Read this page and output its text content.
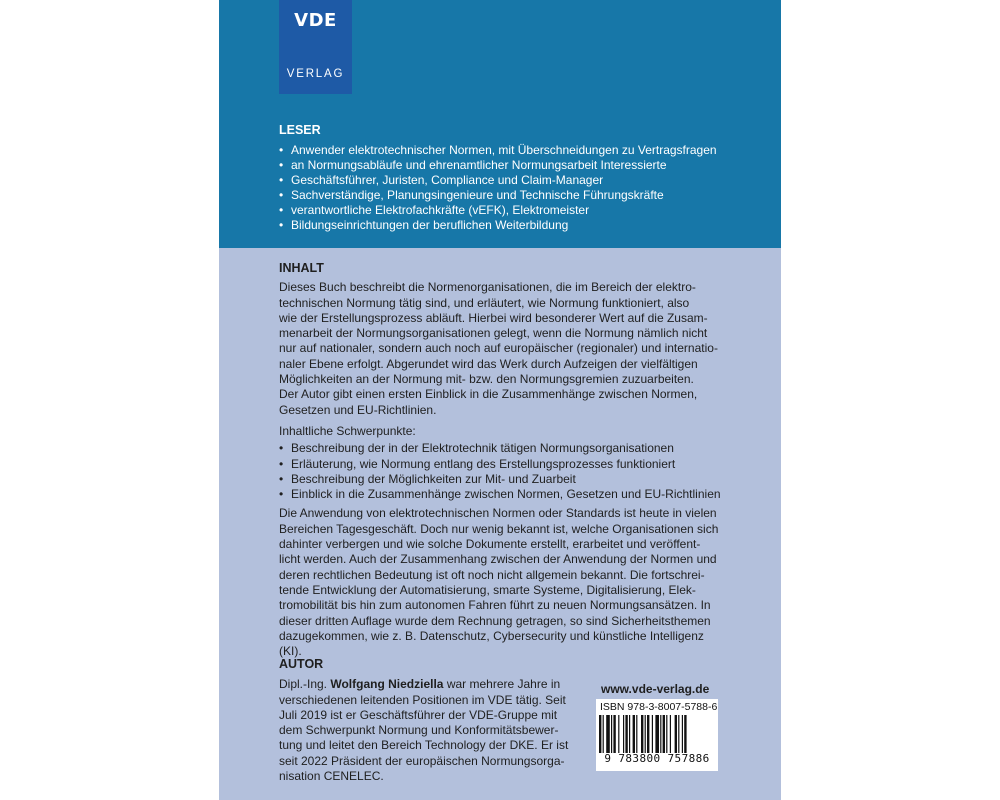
VDE
VERLAG
LESER
• Anwender elektrotechnischer Normen, mit Überschneidungen zu Vertragsfragen
• an Normungsabläufe und ehrenamtlicher Normungsarbeit Interessierte
• Geschäftsführer, Juristen, Compliance und Claim-Manager
• Sachverständige, Planungsingenieure und Technische Führungskräfte
• verantwortliche Elektrofachkräfte (vEFK), Elektromeister
• Bildungseinrichtungen der beruflichen Weiterbildung
INHALT

Dieses Buch beschreibt die Normenorganisationen, die im Bereich der elektro-
technischen Normung tätig sind, und erläutert, wie Normung funktioniert, also
wie der Erstellungsprozess abläuft. Hierbei wird besonderer Wert auf die Zusam-
menarbeit der Normungsorganisationen gelegt, wenn die Normung nämlich nicht
nur auf nationaler, sondern auch noch auf europäischer (regionaler) und internatio-
naler Ebene erfolgt. Abgerundet wird das Werk durch Aufzeigen der vielfältigen
Möglichkeiten an der Normung mit- bzw. den Normungsgremien zuzuarbeiten.
Der Autor gibt einen ersten Einblick in die Zusammenhänge zwischen Normen,
Gesetzen und EU-Richtlinien.

Inhaltliche Schwerpunkte:
• Beschreibung der in der Elektrotechnik tätigen Normungsorganisationen
• Erläuterung, wie Normung entlang des Erstellungsprozesses funktioniert
• Beschreibung der Möglichkeiten zur Mit- und Zuarbeit
• Einblick in die Zusammenhänge zwischen Normen, Gesetzen und EU-Richtlinien

Die Anwendung von elektrotechnischen Normen oder Standards ist heute in vielen
Bereichen Tagesgeschäft. Doch nur wenig bekannt ist, welche Organisationen sich
dahinter verbergen und wie solche Dokumente erstellt, erarbeitet und veröffent-
licht werden. Auch der Zusammenhang zwischen der Anwendung der Normen und
deren rechtlichen Bedeutung ist oft noch nicht allgemein bekannt. Die fortschrei-
tende Entwicklung der Automatisierung, smarte Systeme, Digitalisierung, Elek-
tromobilität bis hin zum autonomen Fahren führt zu neuen Normungsansätzen. In
dieser dritten Auflage wurde dem Rechnung getragen, so sind Sicherheitsthemen
dazugekommen, wie z. B. Datenschutz, Cybersecurity und künstliche Intelligenz
(KI).

AUTOR
Dipl.-Ing. Wolfgang Niedziella war mehrere Jahre in
verschiedenen leitenden Positionen im VDE tätig. Seit
Juli 2019 ist er Geschäftsführer der VDE-Gruppe mit
dem Schwerpunkt Normung und Konformitätsbewer-
tung und leitet den Bereich Technology der DKE. Er ist
seit 2022 Präsident der europäischen Normungsorga-
nisation CENELEC.
www.vde-verlag.de
ISBN 978-3-8007-5788-6
9 783800 757886
